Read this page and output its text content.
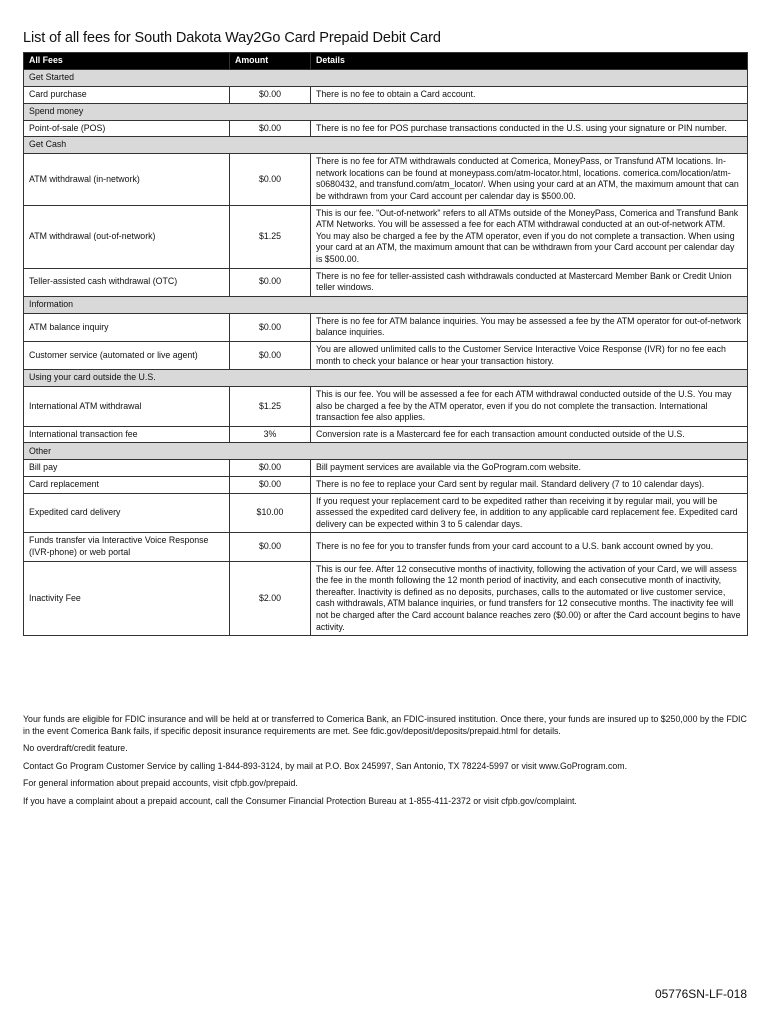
List of all fees for South Dakota Way2Go Card Prepaid Debit Card
All Fees	Amount	Details
Get Started		
Card purchase	$0.00	There is no fee to obtain a Card account.
Spend money		
Point-of-sale (POS)	$0.00	There is no fee for POS purchase transactions conducted in the U.S. using your signature or PIN number.
Get Cash		
ATM withdrawal (in-network)	$0.00	There is no fee for ATM withdrawals conducted at Comerica, MoneyPass, or Transfund ATM locations. In-network locations can be found at moneypass.com/atm-locator.html, locations. comerica.com/location/atm-s0680432, and transfund.com/atm_locator/. When using your card at an ATM, the maximum amount that can be withdrawn from your Card account per calendar day is $500.00.
ATM withdrawal (out-of-network)	$1.25	This is our fee. "Out-of-network" refers to all ATMs outside of the MoneyPass, Comerica and Transfund Bank ATM Networks. You will be assessed a fee for each ATM withdrawal conducted at an out-of-network ATM. You may also be charged a fee by the ATM operator, even if you do not complete a transaction. When using your card at an ATM, the maximum amount that can be withdrawn from your Card account per calendar day is $500.00.
Teller-assisted cash withdrawal (OTC)	$0.00	There is no fee for teller-assisted cash withdrawals conducted at Mastercard Member Bank or Credit Union teller windows.
Information		
ATM balance inquiry	$0.00	There is no fee for ATM balance inquiries. You may be assessed a fee by the ATM operator for out-of-network balance inquiries.
Customer service (automated or live agent)	$0.00	You are allowed unlimited calls to the Customer Service Interactive Voice Response (IVR) for no fee each month to check your balance or hear your transaction history.
Using your card outside the U.S.		
International ATM withdrawal	$1.25	This is our fee. You will be assessed a fee for each ATM withdrawal conducted outside of the U.S. You may also be charged a fee by the ATM operator, even if you do not complete the transaction. International transaction fee also applies.
International transaction fee	3%	Conversion rate is a Mastercard fee for each transaction amount conducted outside of the U.S.
Other		
Bill pay	$0.00	Bill payment services are available via the GoProgram.com website.
Card replacement	$0.00	There is no fee to replace your Card sent by regular mail. Standard delivery (7 to 10 calendar days).
Expedited card delivery	$10.00	If you request your replacement card to be expedited rather than receiving it by regular mail, you will be assessed the expedited card delivery fee, in addition to any applicable card replacement fee. Expedited card delivery can be expected within 3 to 5 calendar days.
Funds transfer via Interactive Voice Response (IVR-phone) or web portal	$0.00	There is no fee for you to transfer funds from your card account to a U.S. bank account owned by you.
Inactivity Fee	$2.00	This is our fee. After 12 consecutive months of inactivity, following the activation of your Card, we will assess the fee in the month following the 12 month period of inactivity, and each consecutive month of inactivity, thereafter. Inactivity is defined as no deposits, purchases, calls to the automated or live customer service, cash withdrawals, ATM balance inquiries, or fund transfers for 12 consecutive months. The inactivity fee will not be charged after the Card account balance reaches zero ($0.00) or after the Card account begins to have activity.

Your funds are eligible for FDIC insurance and will be held at or transferred to Comerica Bank, an FDIC-insured institution. Once there, your funds are insured up to $250,000 by the FDIC in the event Comerica Bank fails, if specific deposit insurance requirements are met. See fdic.gov/deposit/deposits/prepaid.html for details.

No overdraft/credit feature.

Contact Go Program Customer Service by calling 1-844-893-3124, by mail at P.O. Box 245997, San Antonio, TX 78224-5997 or visit www.GoProgram.com.

For general information about prepaid accounts, visit cfpb.gov/prepaid.

If you have a complaint about a prepaid account, call the Consumer Financial Protection Bureau at 1-855-411-2372 or visit cfpb.gov/complaint.

05776SN-LF-018
